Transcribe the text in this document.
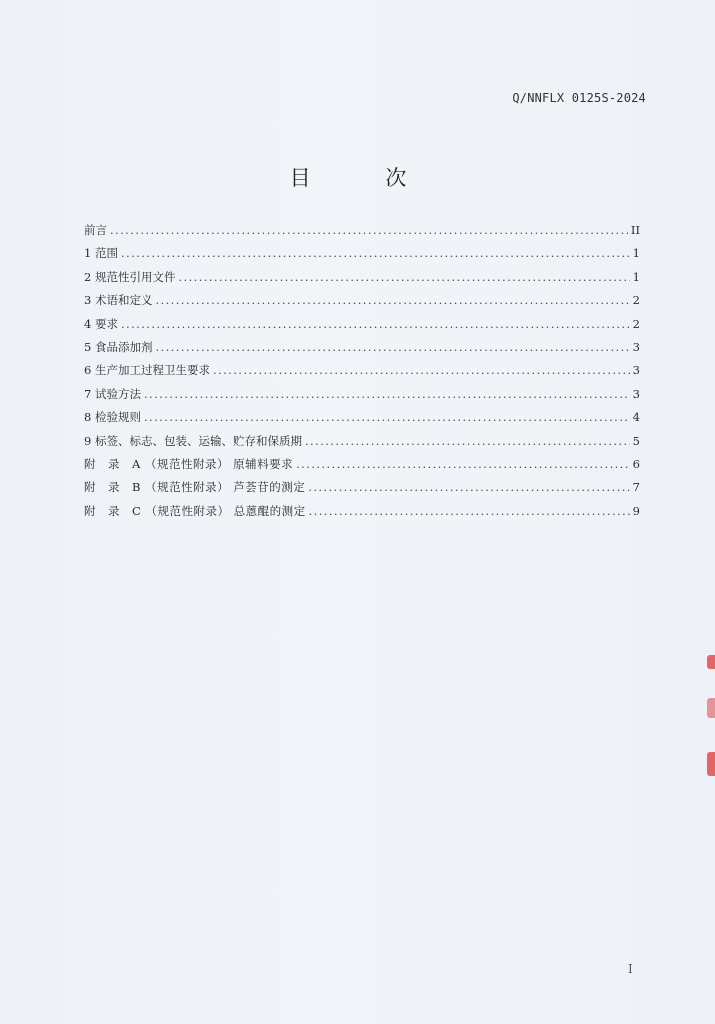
Q/NNFLX 0125S-2024
目 次
前言 .....	II
1 范围 .....	1
2 规范性引用文件 .....	1
3 术语和定义 .....	2
4 要求 .....	2
5 食品添加剂 .....	3
6 生产加工过程卫生要求 .....	3
7 试验方法 .....	3
8 检验规则 .....	4
9 标签、标志、包装、运输、贮存和保质期 .....	5
附　录　A （规范性附录） 原辅料要求 .....	6
附　录　B （规范性附录） 芦荟苷的测定 .....	7
附　录　C （规范性附录） 总蒽醌的测定 .....	9
I
